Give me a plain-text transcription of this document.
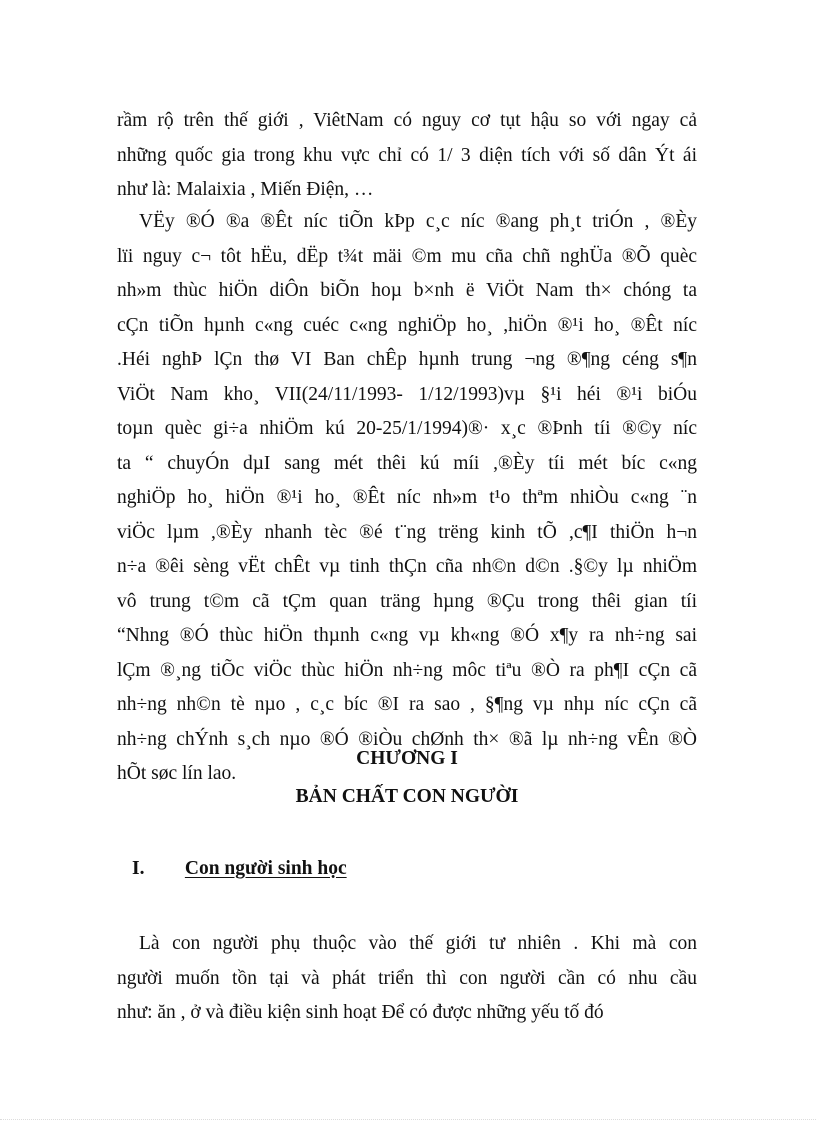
rầm rộ trên thế giới , ViêtNam có nguy cơ tụt hậu so với ngay cả
những quốc gia trong khu vực chỉ có 1/ 3 diện tích với số dân Ýt ái
như là: Malaixia , Miến Điện, …
VËy ®Ó ®a ®Êt níc tiÕn kÞp c¸c níc ®ang ph¸t triÓn , ®Èy
lïi nguy c¬ tôt hËu, dËp t¾t mäi ©m mu cña chñ nghÜa ®Õ quèc
nh»m thùc hiÖn diÔn biÕn hoµ b×nh ë ViÖt Nam th× chóng ta
cÇn tiÕn hµnh c«ng cuéc c«ng nghiÖp ho¸ ,hiÖn ®¹i ho¸ ®Êt níc
.Héi nghÞ lÇn thø VI Ban chÊp hµnh trung ¬ng ®¶ng céng s¶n
ViÖt Nam kho¸ VII(24/11/1993- 1/12/1993)vµ §¹i héi ®¹i biÓu
toµn quèc gi÷a nhiÖm kú 20-25/1/1994)®· x¸c ®Þnh tíi ®©y níc
ta “ chuyÓn dµI sang mét thêi kú míi ,®Èy tíi mét bíc c«ng
nghiÖp ho¸ hiÖn ®¹i ho¸ ®Êt níc nh»m t¹o thªm nhiÒu c«ng ¨n
viÖc lµm ,®Èy nhanh tèc ®é t¨ng trëng kinh tÕ ,c¶I thiÖn h¬n
n÷a ®êi sèng vËt chÊt vµ tinh thÇn cña nh©n d©n .§©y lµ nhiÖm
vô trung t©m cã tÇm quan träng hµng ®Çu trong thêi gian tíi
“Nhng ®Ó thùc hiÖn thµnh c«ng vµ kh«ng ®Ó x¶y ra nh÷ng sai
lÇm ®¸ng tiÕc viÖc thùc hiÖn nh÷ng môc tiªu ®Ò ra ph¶I cÇn cã
nh÷ng nh©n tè nµo , c¸c bíc ®I ra sao , §¶ng vµ nhµ níc cÇn cã
nh÷ng chÝnh s¸ch nµo ®Ó ®iÒu chØnh th× ®ã lµ nh÷ng vÊn ®Ò
hÕt søc lín lao.
CHƯƠNG I
BẢN CHẤT CON NGƯỜI
I. Con người sinh học
Là con người phụ thuộc vào thế giới tư nhiên . Khi mà con
người muốn tồn tại và phát triển thì con người cần có nhu cầu
như: ăn , ở và điều kiện sinh hoạt Để có được những yếu tố đó
